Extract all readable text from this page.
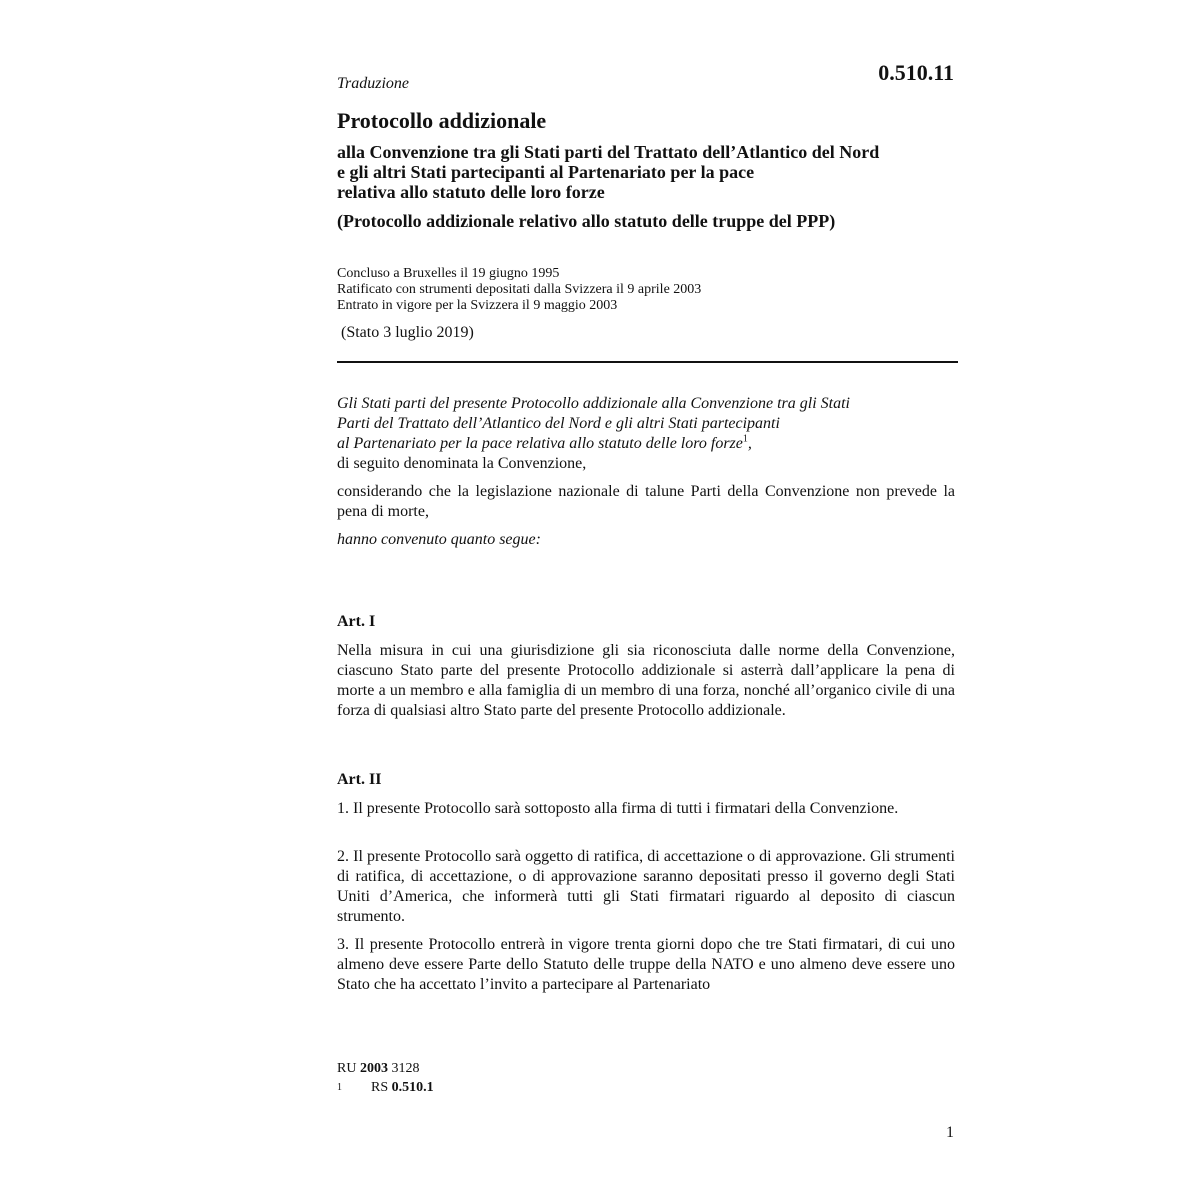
0.510.11
Traduzione
Protocollo addizionale
alla Convenzione tra gli Stati parti del Trattato dell’Atlantico del Nord
e gli altri Stati partecipanti al Partenariato per la pace
relativa allo statuto delle loro forze
(Protocollo addizionale relativo allo statuto delle truppe del PPP)
Concluso a Bruxelles il 19 giugno 1995
Ratificato con strumenti depositati dalla Svizzera il 9 aprile 2003
Entrato in vigore per la Svizzera il 9 maggio 2003
(Stato 3 luglio 2019)
Gli Stati parti del presente Protocollo addizionale alla Convenzione tra gli Stati
Parti del Trattato dell’Atlantico del Nord e gli altri Stati partecipanti
al Partenariato per la pace relativa allo statuto delle loro forze$^1$,
di seguito denominata la Convenzione,
considerando che la legislazione nazionale di talune Parti della Convenzione non prevede la pena di morte,
hanno convenuto quanto segue:
Art. I
Nella misura in cui una giurisdizione gli sia riconosciuta dalle norme della Convenzione, ciascuno Stato parte del presente Protocollo addizionale si asterrà dall’applicare la pena di morte a un membro e alla famiglia di un membro di una forza, nonché all’organico civile di una forza di qualsiasi altro Stato parte del presente Protocollo addizionale.
Art. II
1. Il presente Protocollo sarà sottoposto alla firma di tutti i firmatari della Convenzione.
2. Il presente Protocollo sarà oggetto di ratifica, di accettazione o di approvazione. Gli strumenti di ratifica, di accettazione, o di approvazione saranno depositati presso il governo degli Stati Uniti d’America, che informerà tutti gli Stati firmatari riguardo al deposito di ciascun strumento.
3. Il presente Protocollo entrerà in vigore trenta giorni dopo che tre Stati firmatari, di cui uno almeno deve essere Parte dello Statuto delle truppe della NATO e uno almeno deve essere uno Stato che ha accettato l’invito a partecipare al Partenariato
RU 2003 3128
1 RS 0.510.1
1
